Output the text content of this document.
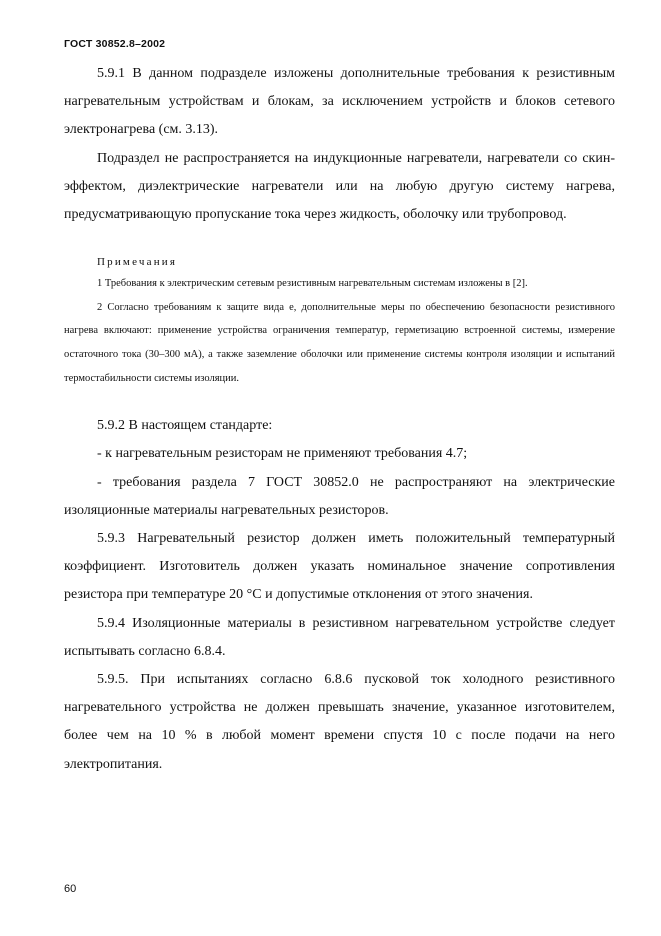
ГОСТ 30852.8–2002

5.9.1 В данном подразделе изложены дополнительные требования к резистивным нагревательным устройствам и блокам, за исключением устройств и блоков сетевого электронагрева (см. 3.13).

Подраздел не распространяется на индукционные нагреватели, нагреватели со скин-эффектом, диэлектрические нагреватели или на любую другую систему нагрева, предусматривающую пропускание тока через жидкость, оболочку или трубопровод.

Примечания

1 Требования к электрическим сетевым резистивным нагревательным системам изложены в [2].

2 Согласно требованиям к защите вида е, дополнительные меры по обеспечению безопасности резистивного нагрева включают: применение устройства ограничения температур, герметизацию встроенной системы, измерение остаточного тока (30–300 мА), а также заземление оболочки или применение системы контроля изоляции и испытаний термостабильности системы изоляции.

5.9.2 В настоящем стандарте:

- к нагревательным резисторам не применяют требования 4.7;

- требования раздела 7 ГОСТ 30852.0 не распространяют на электрические изоляционные материалы нагревательных резисторов.

5.9.3 Нагревательный резистор должен иметь положительный температурный коэффициент. Изготовитель должен указать номинальное значение сопротивления резистора при температуре 20 °С и допустимые отклонения от этого значения.

5.9.4 Изоляционные материалы в резистивном нагревательном устройстве следует испытывать согласно 6.8.4.

5.9.5. При испытаниях согласно 6.8.6 пусковой ток холодного резистивного нагревательного устройства не должен превышать значение, указанное изготовителем, более чем на 10 % в любой момент времени спустя 10 с после подачи на него электропитания.

60
